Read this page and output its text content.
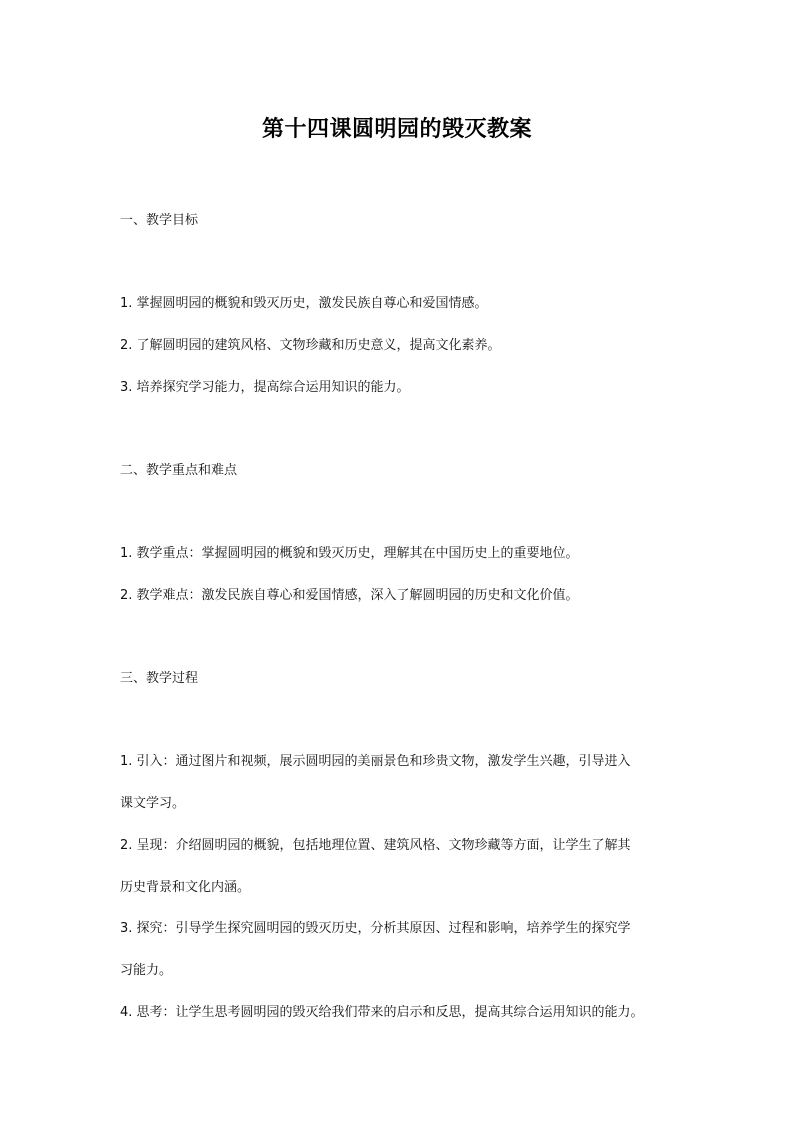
第十四课圆明园的毁灭教案
一、教学目标
1. 掌握圆明园的概貌和毁灭历史，激发民族自尊心和爱国情感。
2. 了解圆明园的建筑风格、文物珍藏和历史意义，提高文化素养。
3. 培养探究学习能力，提高综合运用知识的能力。
二、教学重点和难点
1. 教学重点：掌握圆明园的概貌和毁灭历史，理解其在中国历史上的重要地位。
2. 教学难点：激发民族自尊心和爱国情感，深入了解圆明园的历史和文化价值。
三、教学过程
1. 引入：通过图片和视频，展示圆明园的美丽景色和珍贵文物，激发学生兴趣，引导进入
课文学习。
2. 呈现：介绍圆明园的概貌，包括地理位置、建筑风格、文物珍藏等方面，让学生了解其
历史背景和文化内涵。
3. 探究：引导学生探究圆明园的毁灭历史，分析其原因、过程和影响，培养学生的探究学
习能力。
4. 思考：让学生思考圆明园的毁灭给我们带来的启示和反思，提高其综合运用知识的能力。
